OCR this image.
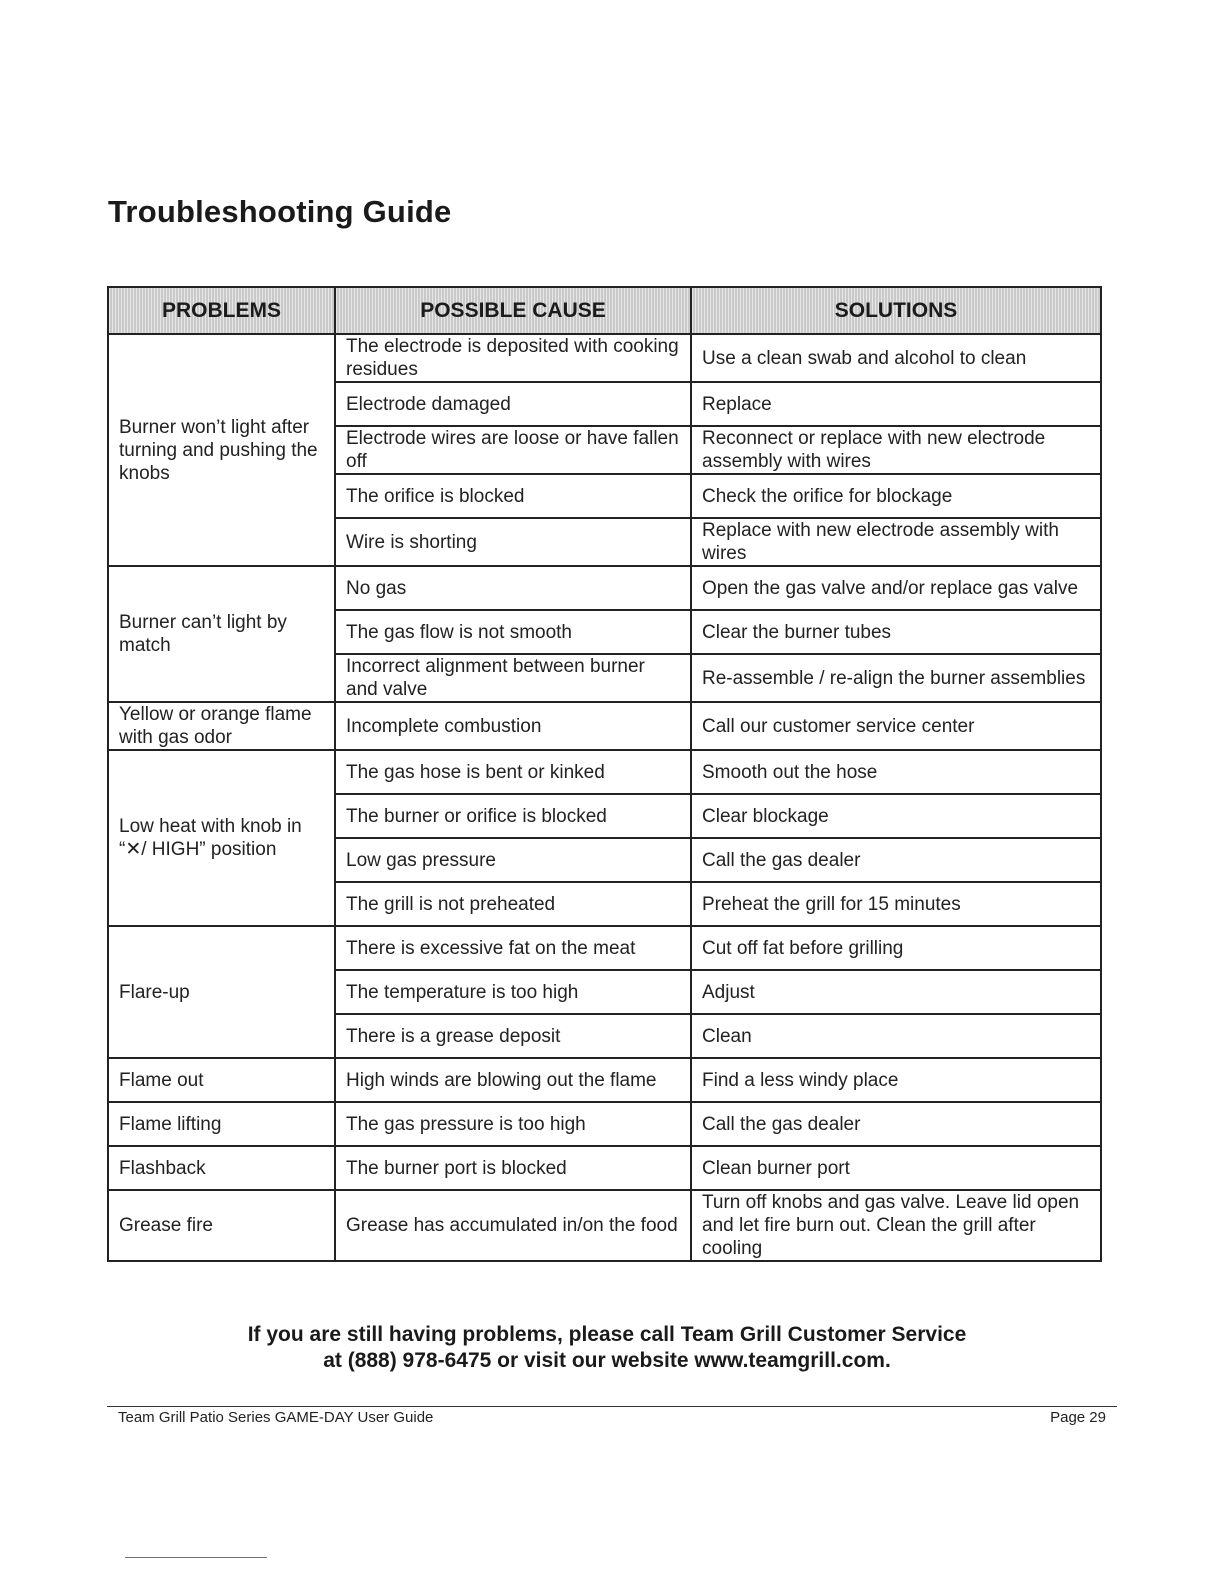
Troubleshooting Guide
PROBLEMS	POSSIBLE CAUSE	SOLUTIONS
Burner won’t light after turning and pushing the knobs	The electrode is deposited with cooking residues	Use a clean swab and alcohol to clean
	Electrode damaged	Replace
	Electrode wires are loose or have fallen off	Reconnect or replace with new electrode assembly with wires
	The orifice is blocked	Check the orifice for blockage
	Wire is shorting	Replace with new electrode assembly with wires
Burner can’t light by match	No gas	Open the gas valve and/or replace gas valve
	The gas flow is not smooth	Clear the burner tubes
	Incorrect alignment between burner and valve	Re-assemble / re-align the burner assemblies
Yellow or orange flame with gas odor	Incomplete combustion	Call our customer service center
Low heat with knob in “✕/ HIGH” position	The gas hose is bent or kinked	Smooth out the hose
	The burner or orifice is blocked	Clear blockage
	Low gas pressure	Call the gas dealer
	The grill is not preheated	Preheat the grill for 15 minutes
Flare-up	There is excessive fat on the meat	Cut off fat before grilling
	The temperature is too high	Adjust
	There is a grease deposit	Clean
Flame out	High winds are blowing out the flame	Find a less windy place
Flame lifting	The gas pressure is too high	Call the gas dealer
Flashback	The burner port is blocked	Clean burner port
Grease fire	Grease has accumulated in/on the food	Turn off knobs and gas valve. Leave lid open and let fire burn out. Clean the grill after cooling
If you are still having problems, please call Team Grill Customer Service
at (888) 978-6475 or visit our website www.teamgrill.com.
Team Grill Patio Series GAME-DAY User Guide	Page 29
